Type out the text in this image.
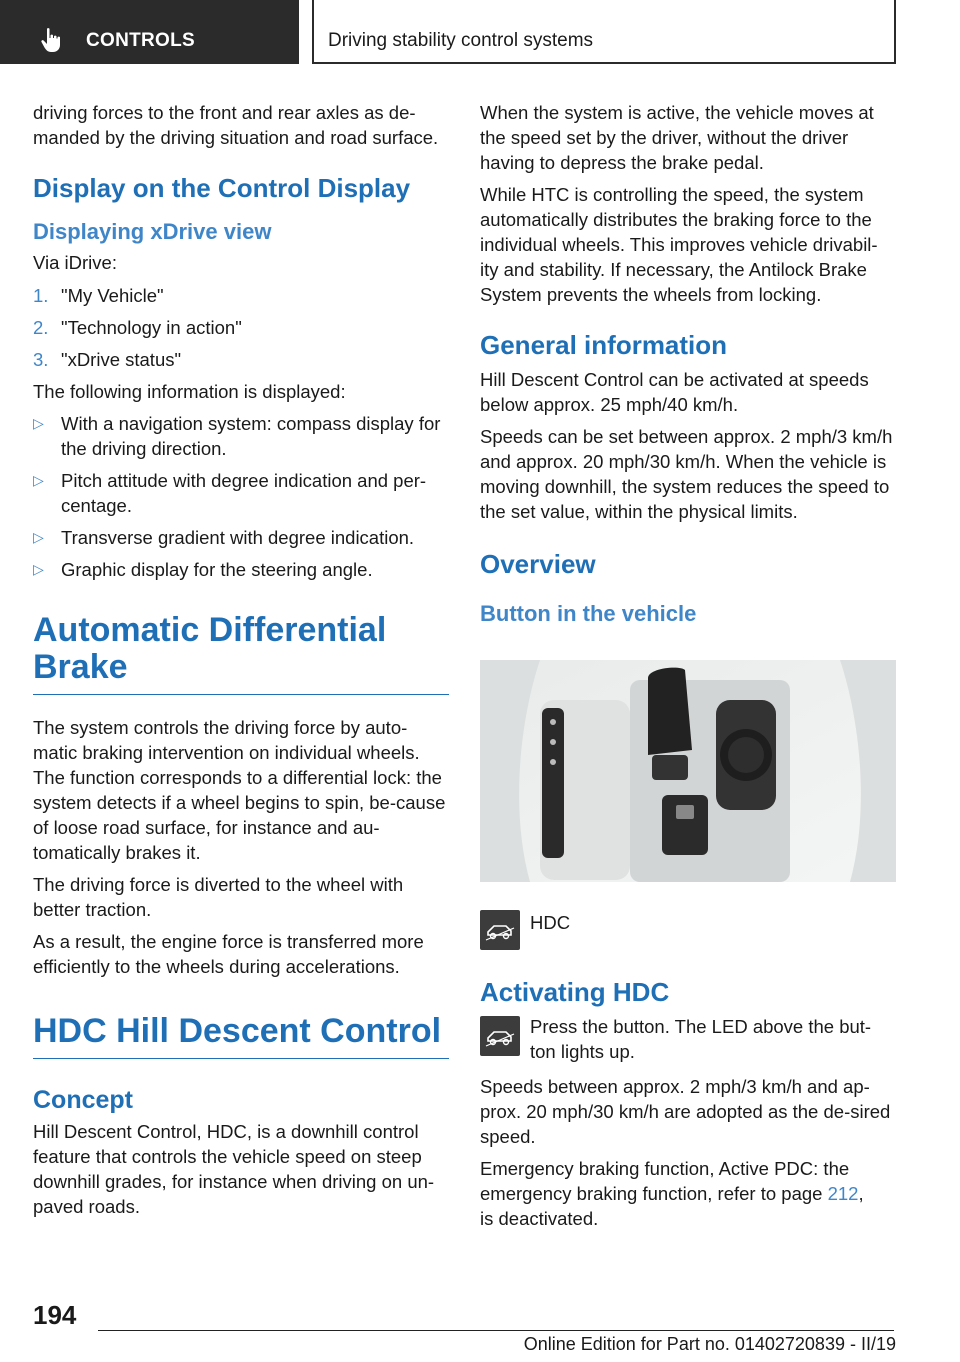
CONTROLS	Driving stability control systems

driving forces to the front and rear axles as de-manded by the driving situation and road surface.

Display on the Control Display
Displaying xDrive view

Via iDrive:

1. "My Vehicle"
2. "Technology in action"
3. "xDrive status"

The following information is displayed:

▷ With a navigation system: compass display for the driving direction.
▷ Pitch attitude with degree indication and per-centage.
▷ Transverse gradient with degree indication.
▷ Graphic display for the steering angle.
Automatic Differential Brake

The system controls the driving force by auto-matic braking intervention on individual wheels. The function corresponds to a differential lock: the system detects if a wheel begins to spin, be-cause of loose road surface, for instance and au-tomatically brakes it.

The driving force is diverted to the wheel with better traction.

As a result, the engine force is transferred more efficiently to the wheels during accelerations.

HDC Hill Descent Control
Concept

Hill Descent Control, HDC, is a downhill control feature that controls the vehicle speed on steep downhill grades, for instance when driving on un-paved roads.

When the system is active, the vehicle moves at the speed set by the driver, without the driver having to depress the brake pedal.

While HTC is controlling the speed, the system automatically distributes the braking force to the individual wheels. This improves vehicle drivabil-ity and stability. If necessary, the Antilock Brake System prevents the wheels from locking.

General information

Hill Descent Control can be activated at speeds below approx. 25 mph/40 km/h.

Speeds can be set between approx. 2 mph/3 km/h and approx. 20 mph/30 km/h. When the vehicle is moving downhill, the system reduces the speed to the set value, within the physical limits.

Overview
Button in the vehicle
HDC
Activating HDC
Press the button. The LED above the but-ton lights up.

Speeds between approx. 2 mph/3 km/h and ap-prox. 20 mph/30 km/h are adopted as the de-sired speed.

Emergency braking function, Active PDC: the emergency braking function, refer to page 212,
is deactivated.

194
Online Edition for Part no. 01402720839 - II/19
